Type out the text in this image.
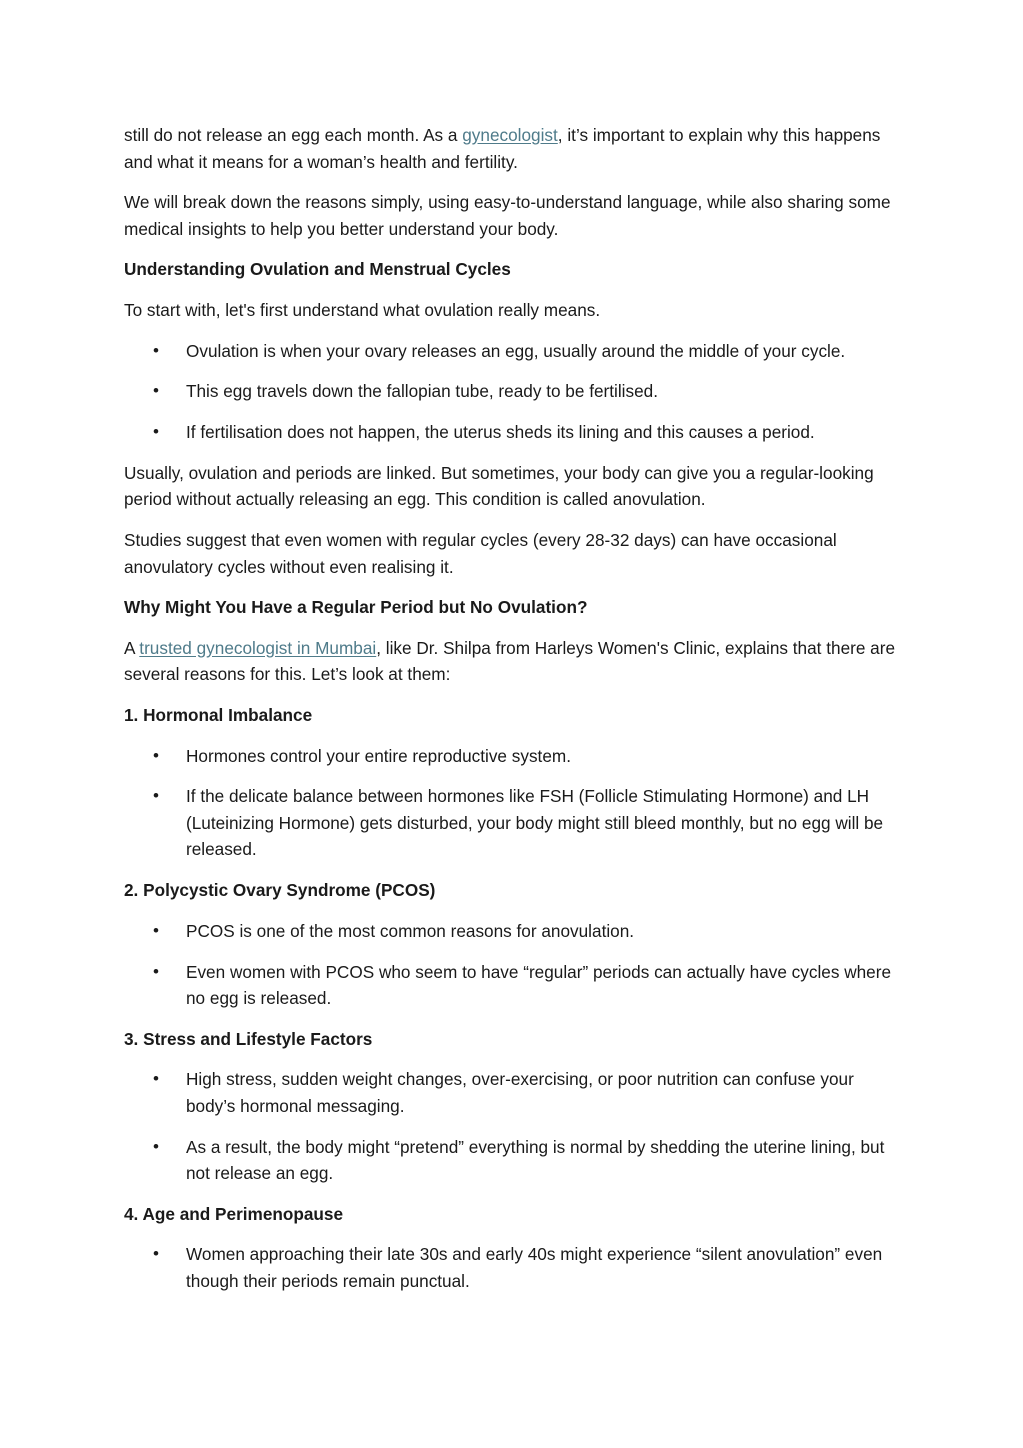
still do not release an egg each month. As a gynecologist, it’s important to explain why this happens and what it means for a woman’s health and fertility.

We will break down the reasons simply, using easy-to-understand language, while also sharing some medical insights to help you better understand your body.

Understanding Ovulation and Menstrual Cycles

To start with, let's first understand what ovulation really means.

• Ovulation is when your ovary releases an egg, usually around the middle of your cycle.
• This egg travels down the fallopian tube, ready to be fertilised.
• If fertilisation does not happen, the uterus sheds its lining and this causes a period.

Usually, ovulation and periods are linked. But sometimes, your body can give you a regular-looking period without actually releasing an egg. This condition is called anovulation.

Studies suggest that even women with regular cycles (every 28-32 days) can have occasional anovulatory cycles without even realising it.

Why Might You Have a Regular Period but No Ovulation?

A trusted gynecologist in Mumbai, like Dr. Shilpa from Harleys Women's Clinic, explains that there are several reasons for this. Let’s look at them:

1. Hormonal Imbalance

• Hormones control your entire reproductive system.
• If the delicate balance between hormones like FSH (Follicle Stimulating Hormone) and LH (Luteinizing Hormone) gets disturbed, your body might still bleed monthly, but no egg will be released.

2. Polycystic Ovary Syndrome (PCOS)

• PCOS is one of the most common reasons for anovulation.
• Even women with PCOS who seem to have “regular” periods can actually have cycles where no egg is released.

3. Stress and Lifestyle Factors

• High stress, sudden weight changes, over-exercising, or poor nutrition can confuse your body’s hormonal messaging.
• As a result, the body might “pretend” everything is normal by shedding the uterine lining, but not release an egg.

4. Age and Perimenopause

• Women approaching their late 30s and early 40s might experience “silent anovulation” even though their periods remain punctual.
